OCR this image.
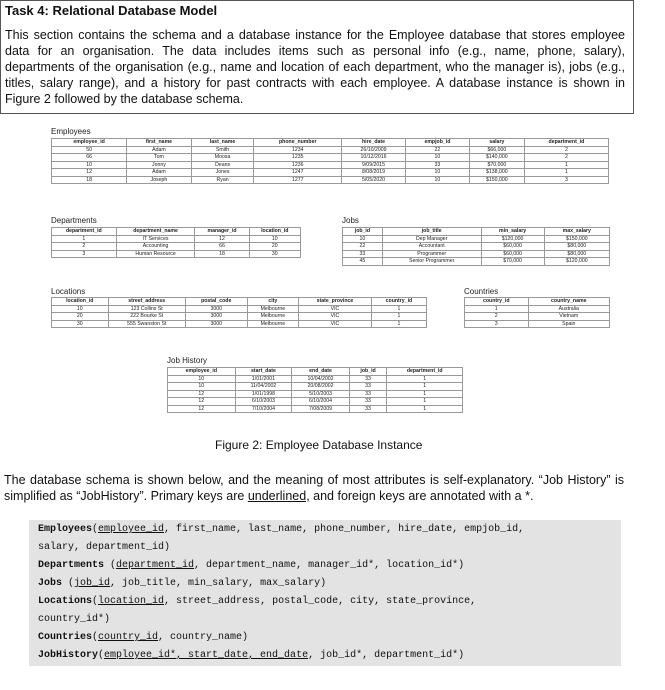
Task 4: Relational Database Model
This section contains the schema and a database instance for the Employee database that stores employee data for an organisation. The data includes items such as personal info (e.g., name, phone, salary), departments of the organisation (e.g., name and location of each department, who the manager is), jobs (e.g., titles, salary range), and a history for past contracts with each employee. A database instance is shown in Figure 2 followed by the database schema.
Employees
employee_id	first_name	last_name	phone_number	hire_date	empjob_id	salary	department_id
50	Adam	Smith	1234	26/10/2009	22	$66,000	2
66	Tom	Moosa	1235	10/12/2016	10	$140,000	2
10	Jonny	Deans	1236	9/09/2015	33	$70,000	1
12	Adam	Jones	1247	8/08/2019	10	$138,000	1
18	Joseph	Ryan	1277	5/05/2020	10	$150,000	3
Departments
department_id	department_name	manager_id	location_id
1	IT Services	12	10
2	Accounting	66	20
3	Human Resource	18	30
Jobs
job_id	job_title	min_salary	max_salary
10	Dep Manager	$120,000	$150,000
22	Accountant	$60,000	$80,000
33	Programmer	$60,000	$80,000
45	Senior Programmer	$70,000	$120,000
Locations
location_id	street_address	postal_code	city	state_province	country_id
10	123 Collins St	3000	Melbourne	VIC	1
20	222 Bourke St	3000	Melbourne	VIC	1
30	555 Swanston St	3000	Melbourne	VIC	1
Countries
country_id	country_name
1	Australia
2	Vietnam
3	Spain
Job History
employee_id	start_date	end_date	job_id	department_id
10	1/01/2001	10/04/2002	33	1
10	11/04/2002	20/08/2002	33	1
12	1/01/1998	5/10/2003	33	1
12	6/10/2003	6/10/2004	33	1
12	7/10/2004	7/08/2009	33	1
Figure 2: Employee Database Instance
The database schema is shown below, and the meaning of most attributes is self-explanatory. “Job History” is simplified as “JobHistory”. Primary keys are underlined, and foreign keys are annotated with a *.
Employees(employee_id, first_name, last_name, phone_number, hire_date, empjob_id,
salary, department_id)
Departments (department_id, department_name, manager_id*, location_id*)
Jobs (job_id, job_title, min_salary, max_salary)
Locations(location_id, street_address, postal_code, city, state_province,
country_id*)
Countries(country_id, country_name)
JobHistory(employee_id*, start_date, end_date, job_id*, department_id*)
